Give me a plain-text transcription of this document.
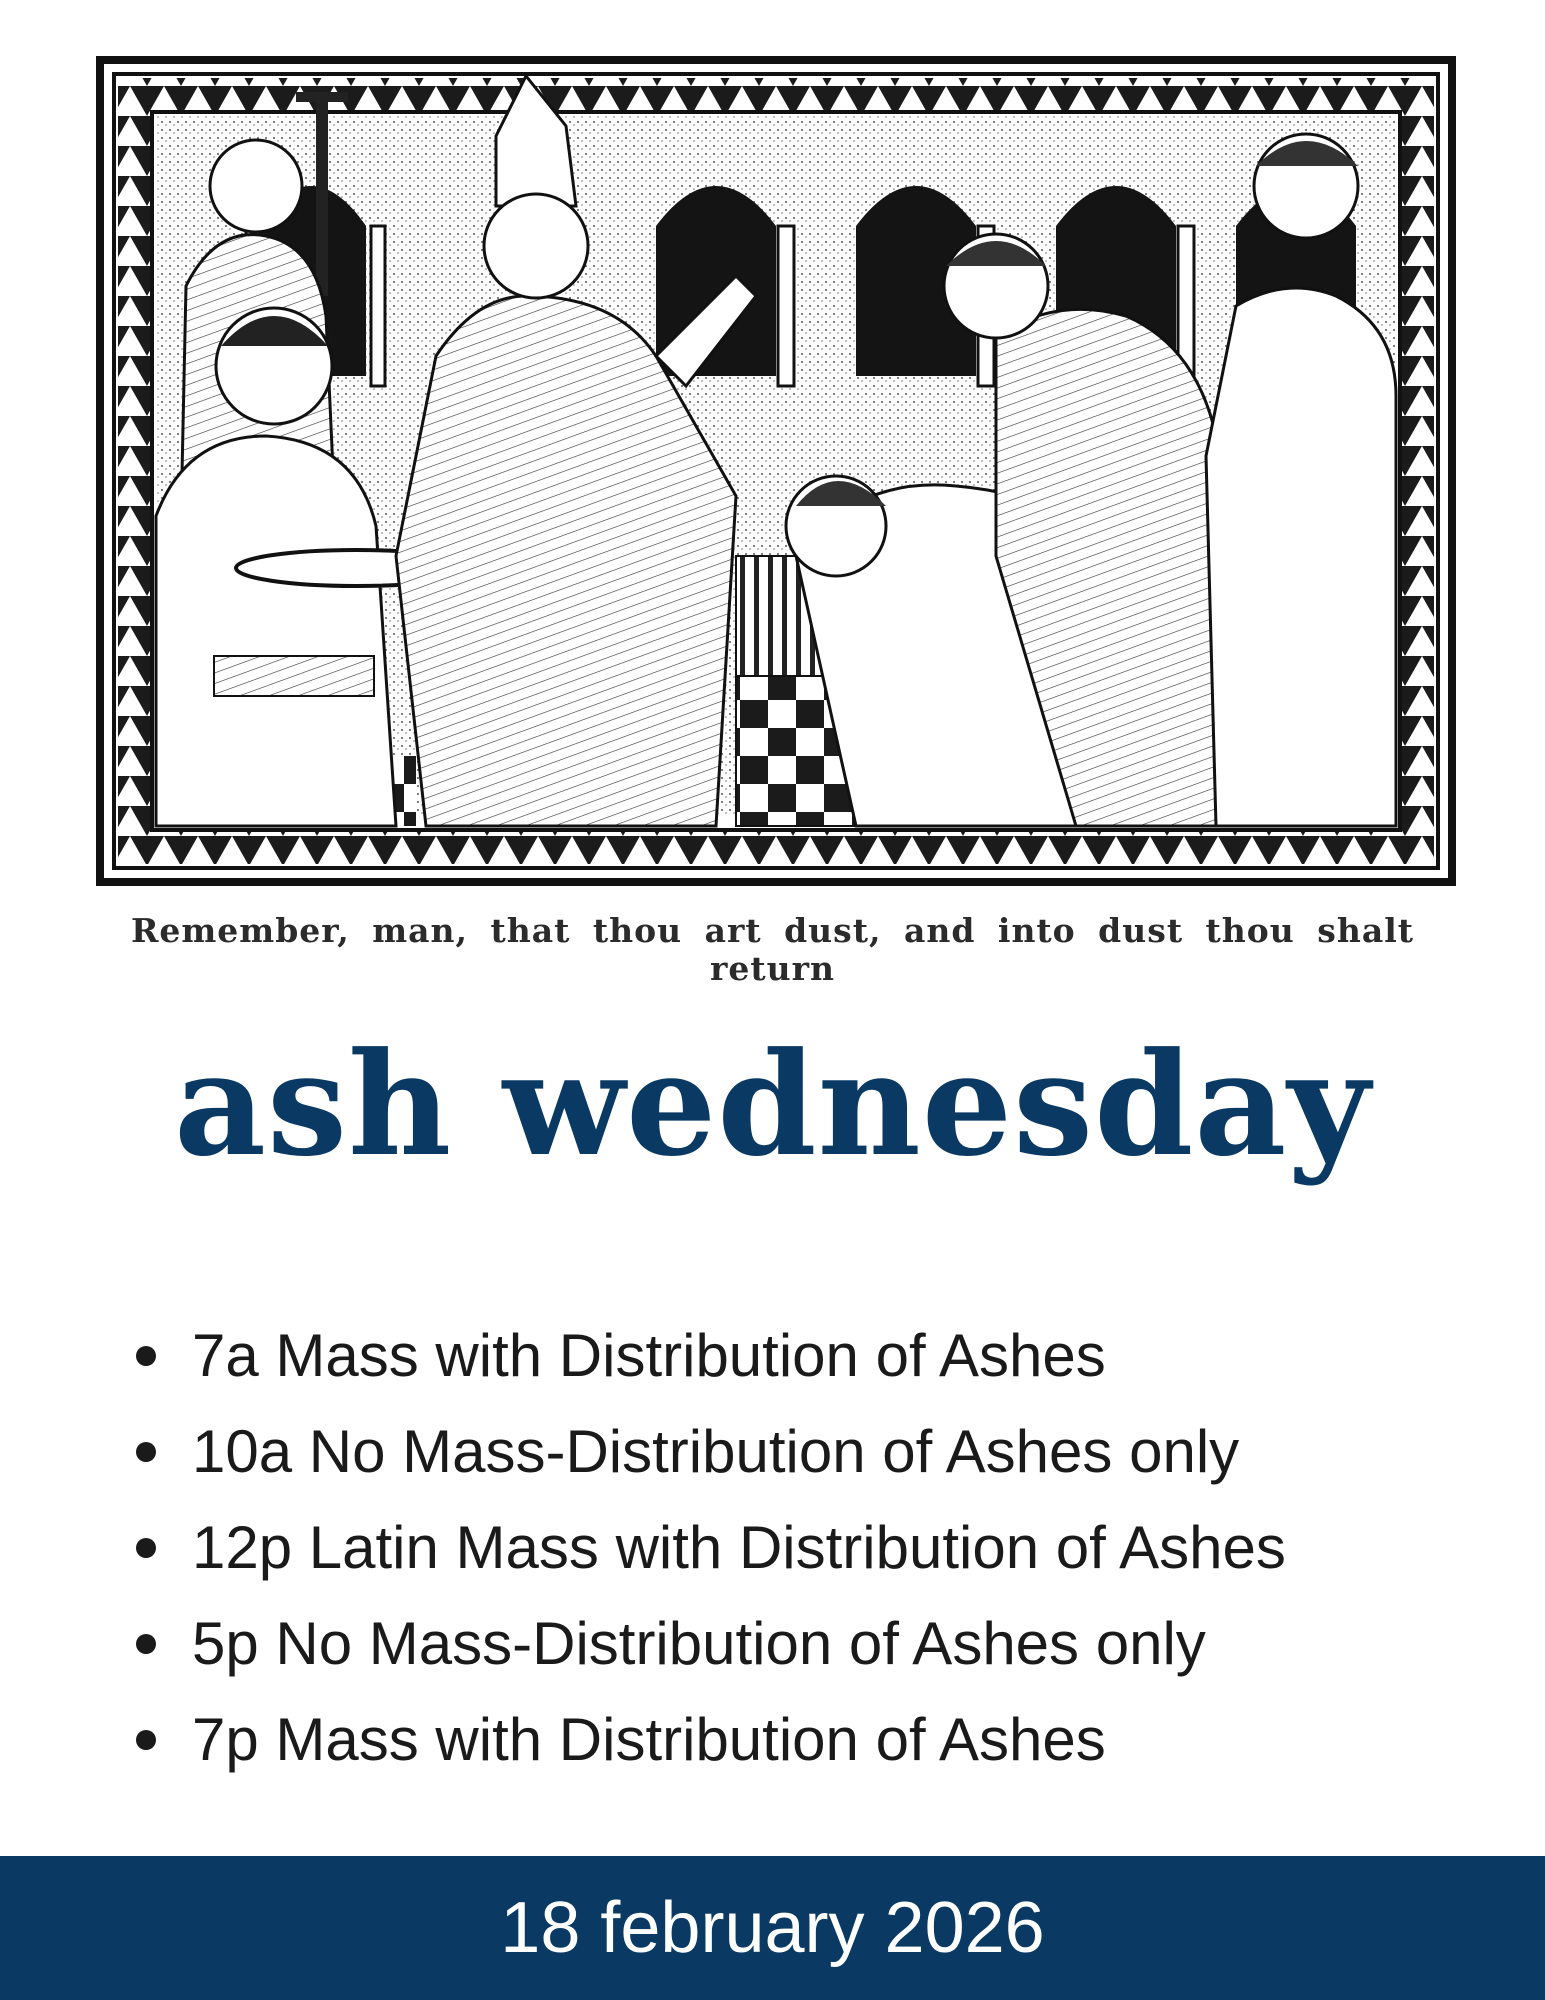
Remember, man, that thou art dust, and into dust thou shalt return
ash wednesday
7a Mass with Distribution of Ashes
10a No Mass-Distribution of Ashes only
12p Latin Mass with Distribution of Ashes
5p No Mass-Distribution of Ashes only
7p Mass with Distribution of Ashes
18 february 2026
